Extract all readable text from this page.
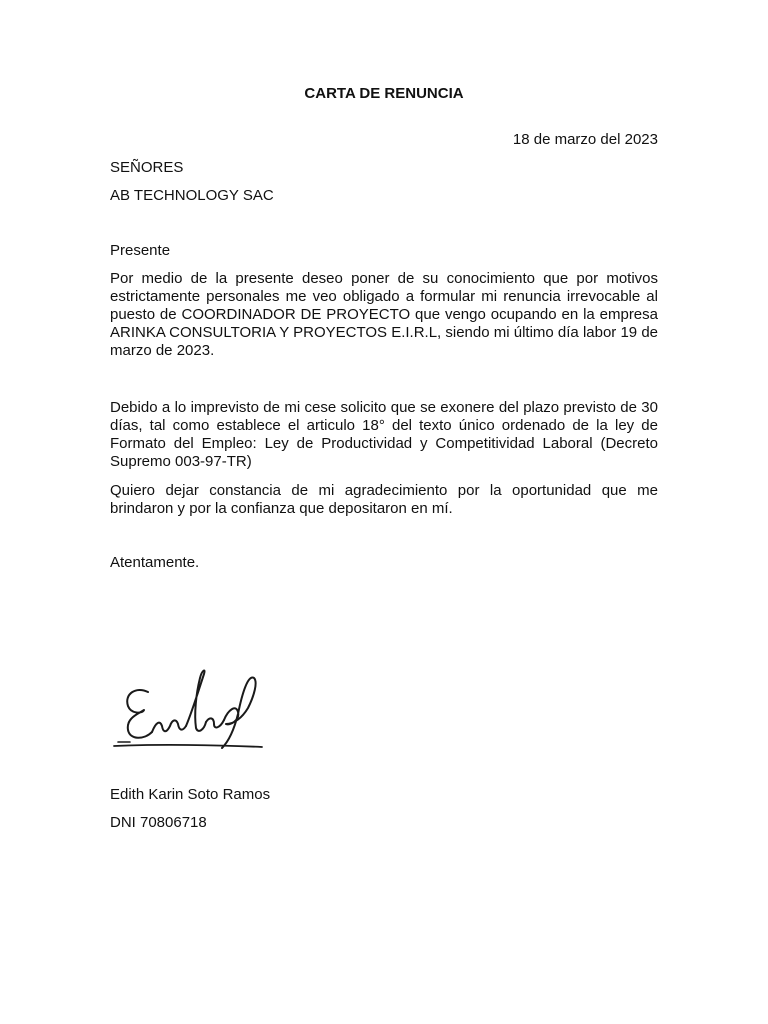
CARTA DE RENUNCIA
18 de marzo del 2023
SEÑORES
AB TECHNOLOGY SAC
Presente
Por medio de la presente deseo poner de su conocimiento que por motivos estrictamente personales me veo obligado a formular mi renuncia irrevocable al puesto de COORDINADOR DE PROYECTO que vengo ocupando en la empresa ARINKA CONSULTORIA Y PROYECTOS E.I.R.L, siendo mi último día labor 19 de marzo de 2023.
Debido a lo imprevisto de mi cese solicito que se exonere del plazo previsto de 30 días, tal como establece el articulo 18° del texto único ordenado de la ley de Formato del Empleo: Ley de Productividad y Competitividad Laboral (Decreto Supremo 003-97-TR)
Quiero dejar constancia de mi agradecimiento por la oportunidad que me brindaron y por la confianza que depositaron en mí.
Atentamente.
Edith Karin Soto Ramos
DNI 70806718
